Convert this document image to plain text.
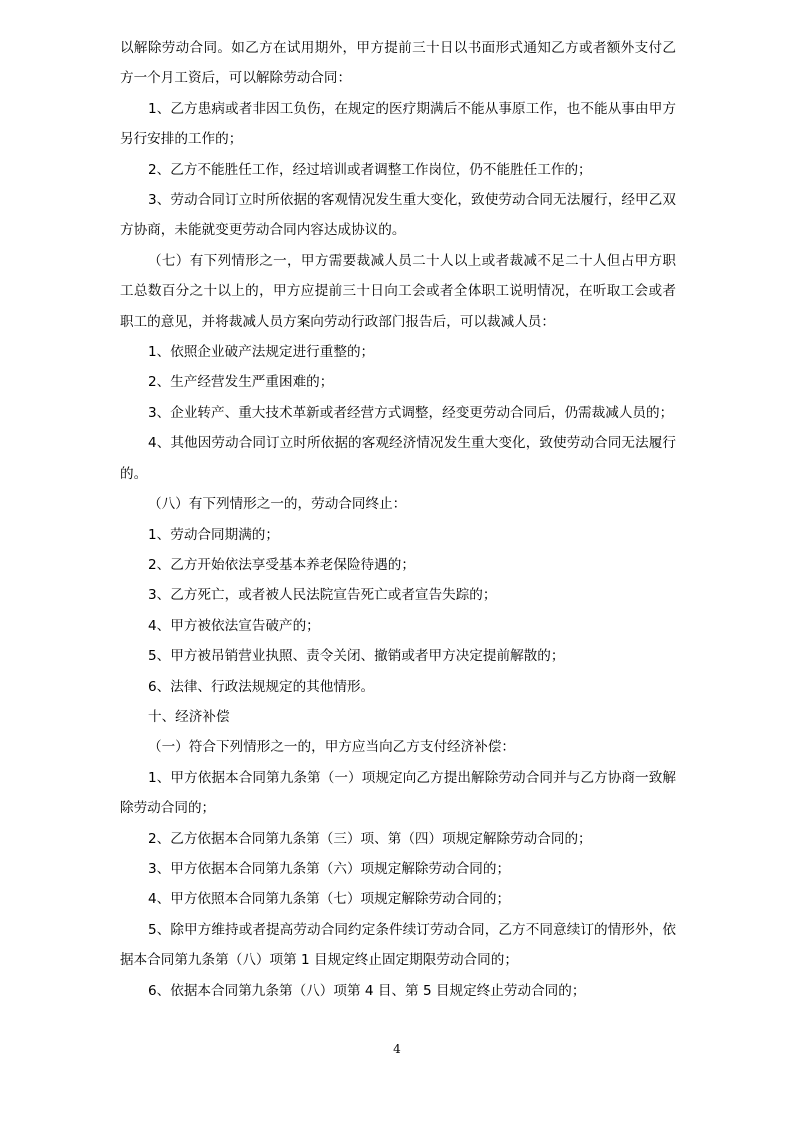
以解除劳动合同。如乙方在试用期外，甲方提前三十日以书面形式通知乙方或者额外支付乙方一个月工资后，可以解除劳动合同：

1、乙方患病或者非因工负伤，在规定的医疗期满后不能从事原工作，也不能从事由甲方另行安排的工作的；

2、乙方不能胜任工作，经过培训或者调整工作岗位，仍不能胜任工作的；

3、劳动合同订立时所依据的客观情况发生重大变化，致使劳动合同无法履行，经甲乙双方协商，未能就变更劳动合同内容达成协议的。

（七）有下列情形之一，甲方需要裁减人员二十人以上或者裁减不足二十人但占甲方职工总数百分之十以上的，甲方应提前三十日向工会或者全体职工说明情况，在听取工会或者职工的意见，并将裁减人员方案向劳动行政部门报告后，可以裁减人员：

1、依照企业破产法规定进行重整的；

2、生产经营发生严重困难的；

3、企业转产、重大技术革新或者经营方式调整，经变更劳动合同后，仍需裁减人员的；

4、其他因劳动合同订立时所依据的客观经济情况发生重大变化，致使劳动合同无法履行的。

（八）有下列情形之一的，劳动合同终止：

1、劳动合同期满的；

2、乙方开始依法享受基本养老保险待遇的；

3、乙方死亡，或者被人民法院宣告死亡或者宣告失踪的；

4、甲方被依法宣告破产的；

5、甲方被吊销营业执照、责令关闭、撤销或者甲方决定提前解散的；

6、法律、行政法规规定的其他情形。

十、经济补偿

（一）符合下列情形之一的，甲方应当向乙方支付经济补偿：

1、甲方依据本合同第九条第（一）项规定向乙方提出解除劳动合同并与乙方协商一致解除劳动合同的；

2、乙方依据本合同第九条第（三）项、第（四）项规定解除劳动合同的；

3、甲方依据本合同第九条第（六）项规定解除劳动合同的；

4、甲方依照本合同第九条第（七）项规定解除劳动合同的；

5、除甲方维持或者提高劳动合同约定条件续订劳动合同，乙方不同意续订的情形外，依据本合同第九条第（八）项第 1 目规定终止固定期限劳动合同的；

6、依据本合同第九条第（八）项第 4 目、第 5 目规定终止劳动合同的；

4
